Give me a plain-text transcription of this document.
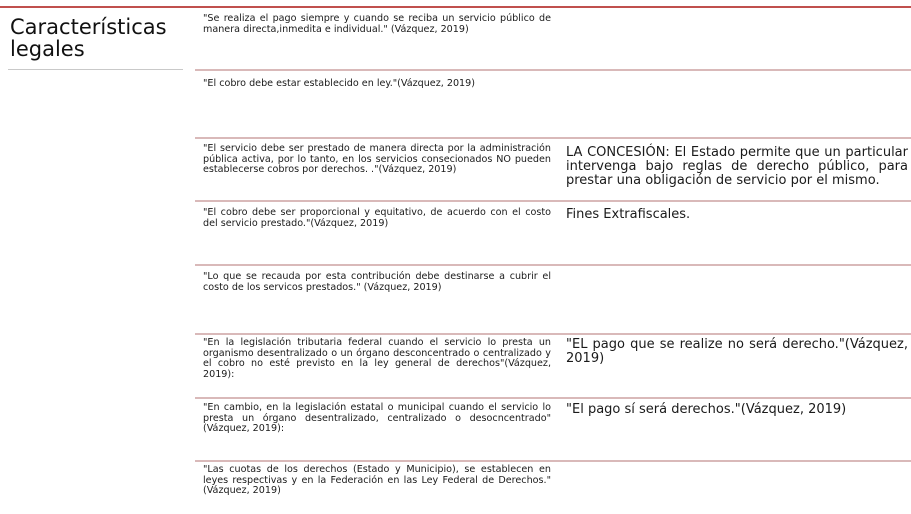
Características legales
"Se realiza el pago siempre y cuando se reciba un servicio público de manera directa,inmedita e individual." (Vázquez, 2019)
"El cobro debe estar establecido en ley."(Vázquez, 2019)
"El servicio debe ser prestado de manera directa por la administración pública activa, por lo tanto, en los servicios consecionados NO pueden establecerse cobros por derechos. ."(Vázquez, 2019)
LA CONCESIÓN: El Estado permite que un particular intervenga bajo reglas de derecho público, para prestar una obligación de servicio por el mismo.
"El cobro debe ser proporcional y equitativo, de acuerdo con el costo del servicio prestado."(Vázquez, 2019)
Fines Extrafiscales.
"Lo que se recauda por esta contribución debe destinarse a cubrir el costo de los servicos prestados." (Vázquez, 2019)
"En la legislación tributaria federal cuando el servicio lo presta un organismo desentralizado o un órgano desconcentrado o centralizado y el cobro no esté previsto en la ley general de derechos"(Vázquez, 2019):
"EL pago que se realize no será derecho."(Vázquez, 2019)
"En cambio, en la legislación estatal o municipal cuando el servicio lo presta un órgano desentralizado, centralizado o desocncentrado"(Vázquez, 2019):
"El pago sí será derechos."(Vázquez, 2019)
"Las cuotas de los derechos (Estado y Municipio), se establecen en leyes respectivas y en la Federación en las Ley Federal de Derechos."(Vázquez, 2019)
